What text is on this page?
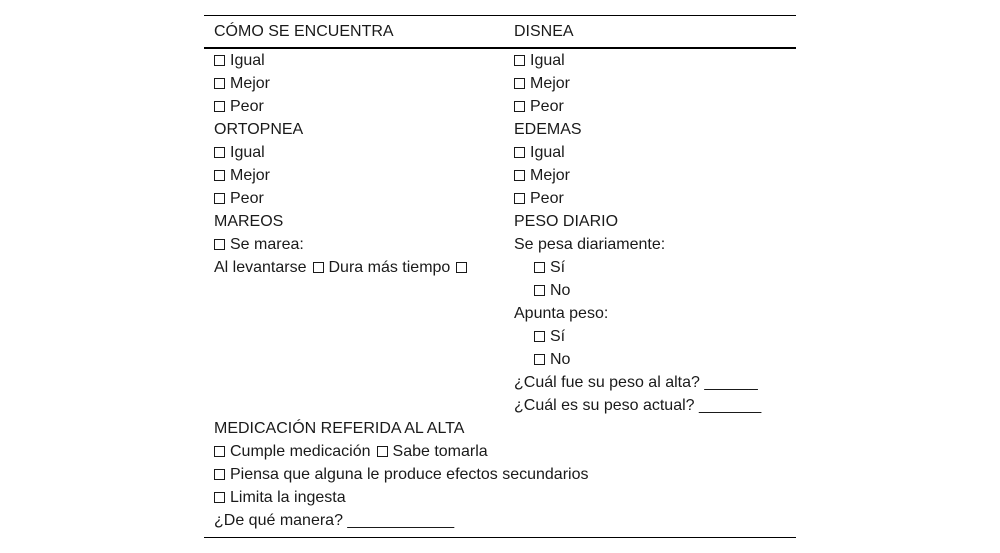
CÓMO SE ENCUENTRA	DISNEA
Igual
Mejor
Peor
Igual
Mejor
Peor
ORTOPNEA
Igual
Mejor
Peor
EDEMAS
Igual
Mejor
Peor
MAREOS
Se marea:
Al levantarse Dura más tiempo
PESO DIARIO
Se pesa diariamente:
Sí
No
Apunta peso:
Sí
No
¿Cuál fue su peso al alta? ______
¿Cuál es su peso actual? _______
MEDICACIÓN REFERIDA AL ALTA
Cumple medicación Sabe tomarla
Piensa que alguna le produce efectos secundarios
Limita la ingesta
¿De qué manera? ____________
